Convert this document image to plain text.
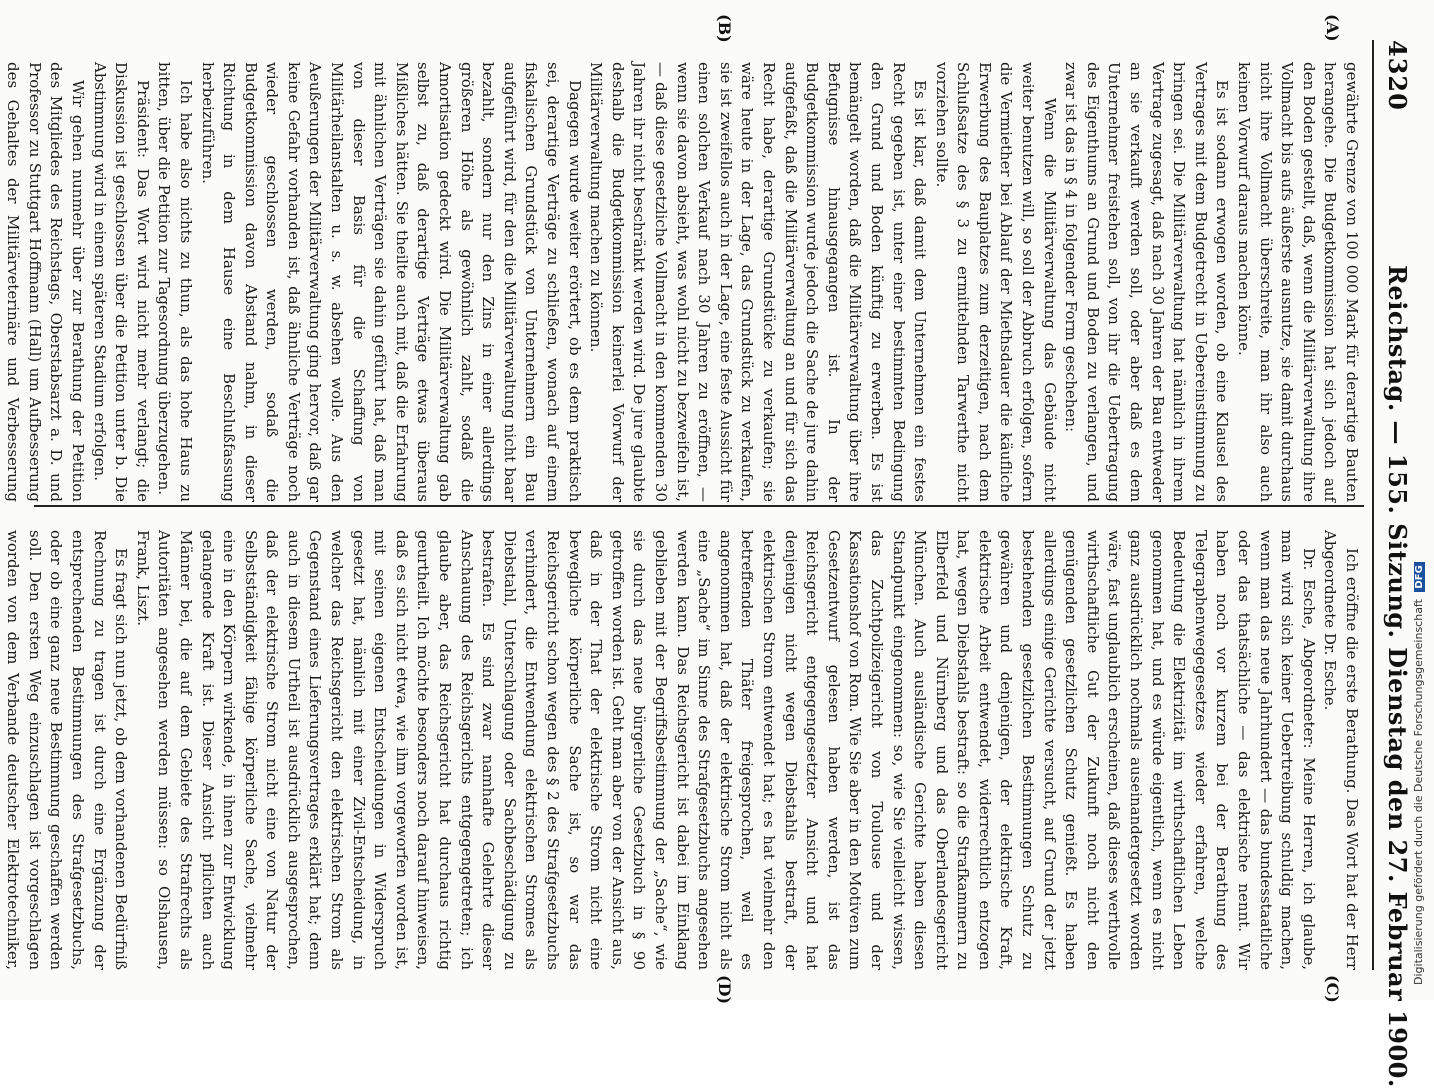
4320
Reichstag. — 155. Sitzung. Dienstag den 27. Februar 1900.
(A)
(B)
(C)
(D)

gewährte Grenze von 100 000 Mark für derartige Bauten herangehe. Die Budgetkommission hat sich jedoch auf den Boden gestellt, daß, wenn die Militärverwaltung ihre Vollmacht bis aufs äußerste ausnutze, sie damit durchaus nicht ihre Vollmacht überschreite, man ihr also auch keinen Vorwurf daraus machen könne.

Es ist sodann erwogen worden, ob eine Klausel des Vertrages mit dem Budgetrecht in Uebereinstimmung zu bringen sei. Die Militärverwaltung hat nämlich in ihrem Vertrage zugesagt, daß nach 30 Jahren der Bau entweder an sie verkauft werden soll, oder aber daß es dem Unternehmer freistehen soll, von ihr die Uebertragung des Eigenthums an Grund und Boden zu verlangen, und zwar ist das in § 4 in folgender Form geschehen:

Wenn die Militärverwaltung das Gebäude nicht weiter benutzen will, so soll der Abbruch erfolgen, sofern die Vermiether bei Ablauf der Miethsdauer die käufliche Erwerbung des Bauplatzes zum derzeitigen, nach dem Schlußsatze des § 3 zu ermittelnden Tarwerthe nicht vorziehen sollte.

Es ist klar, daß damit dem Unternehmen ein festes Recht gegeben ist, unter einer bestimmten Bedingung den Grund und Boden künftig zu erwerben. Es ist bemängelt worden, daß die Militärverwaltung über ihre Befugnisse hinausgegangen ist. In der Budgetkommission wurde jedoch die Sache de jure dahin aufgefaßt, daß die Militärverwaltung an und für sich das Recht habe, derartige Grundstücke zu verkaufen; sie wäre heute in der Lage, das Grundstück zu verkaufen, sie ist zweifellos auch in der Lage, eine feste Aussicht für einen solchen Verkauf nach 30 Jahren zu eröffnen, — wenn sie davon absieht, was wohl nicht zu bezweifeln ist, — daß diese gesetzliche Vollmacht in den kommenden 30 Jahren ihr nicht beschränkt werden wird. De jure glaubte deshalb die Budgetkommission keinerlei Vorwurf der Militärverwaltung machen zu können.

Dagegen wurde weiter erörtert, ob es denn praktisch sei, derartige Verträge zu schließen, wonach auf einem fiskalischen Grundstück von Unternehmern ein Bau aufgeführt wird, für den die Militärverwaltung nicht baar bezahlt, sondern nur den Zins in einer allerdings größeren Höhe als gewöhnlich zahlt, sodaß die Amortisation gedeckt wird. Die Militärverwaltung gab selbst zu, daß derartige Verträge etwas überaus Mißliches hätten. Sie theilte auch mit, daß die Erfahrung mit ähnlichen Verträgen sie dahin geführt hat, daß man von dieser Basis für die Schaffung von Militärheilanstalten u. s. w. absehen wolle. Aus den Aeußerungen der Militärverwaltung ging hervor, daß gar keine Gefahr vorhanden ist, daß ähnliche Verträge noch wieder geschlossen werden, sodaß die Budgetkommission davon Abstand nahm, in dieser Richtung in dem Hause eine Beschlußfassung herbeizuführen.

Ich habe also nichts zu thun, als das hohe Haus zu bitten, über die Petition zur Tagesordnung überzugehen.

Präsident: Das Wort wird nicht mehr verlangt; die Diskussion ist geschlossen über die Petition unter b. Die Abstimmung wird in einem späteren Stadium erfolgen.

Wir gehen nunmehr über zur Berathung der Petition des Mitgliedes des Reichstags, Oberstabsarzt a. D. und Professor zu Stuttgart Hoffmann (Hall) um Aufbesserung des Gehaltes der Militärveterinäre und Verbesserung

Ich eröffne die erste Berathung. Das Wort hat der Herr Abgeordnete Dr. Esche.

Dr. Esche, Abgeordneter: Meine Herren, ich glaube, man wird sich keiner Uebertreibung schuldig machen, wenn man das neue Jahrhundert — das bundesstaatliche oder das thatsächliche — das elektrische nennt. Wir haben noch vor kurzem bei der Berathung des Telegraphenwegegesetzes wieder erfahren, welche Bedeutung die Elektrizität im wirthschaftlichen Leben genommen hat, und es würde eigentlich, wenn es nicht ganz ausdrücklich nochmals auseinandergesetzt worden wäre, fast unglaublich erscheinen, daß dieses werthvolle wirthschaftliche Gut der Zukunft noch nicht den genügenden gesetzlichen Schutz genießt. Es haben allerdings einige Gerichte versucht, auf Grund der jetzt bestehenden gesetzlichen Bestimmungen Schutz zu gewähren und denjenigen, der elektrische Kraft, elektrische Arbeit entwendet, widerrechtlich entzogen hat, wegen Diebstahls bestraft: so die Strafkammern zu Elberfeld und Nürnberg und das Oberlandesgericht München. Auch ausländische Gerichte haben diesen Standpunkt eingenommen: so, wie Sie vielleicht wissen, das Zuchtpolizeigericht von Toulouse und der Kassationshof von Rom. Wie Sie aber in den Motiven zum Gesetzentwurf gelesen haben werden, ist das Reichsgericht entgegengesetzter Ansicht und hat denjenigen nicht wegen Diebstahls bestraft, der elektrischen Strom entwendet hat; es hat vielmehr den betreffenden Thäter freigesprochen, weil es angenommen hat, daß der elektrische Strom nicht als eine „Sache“ im Sinne des Strafgesetzbuchs angesehen werden kann. Das Reichsgericht ist dabei im Einklang geblieben mit der Begriffsbestimmung der „Sache“, wie sie durch das neue bürgerliche Gesetzbuch in § 90 getroffen worden ist. Geht man aber von der Ansicht aus, daß in der That der elektrische Strom nicht eine bewegliche körperliche Sache ist, so war das Reichsgericht schon wegen des § 2 des Strafgesetzbuchs verhindert, die Entwendung elektrischen Stromes als Diebstahl, Unterschlagung oder Sachbeschädigung zu bestrafen. Es sind zwar namhafte Gelehrte dieser Anschauung des Reichsgerichts entgegengetreten; ich glaube aber, das Reichsgericht hat durchaus richtig geurtheilt. Ich möchte besonders noch darauf hinweisen, daß es sich nicht etwa, wie ihm vorgeworfen worden ist, mit seinen eigenen Entscheidungen in Widerspruch gesetzt hat, nämlich mit einer Zivil-Entscheidung, in welcher das Reichsgericht den elektrischen Strom als Gegenstand eines Lieferungsvertrages erklärt hat; denn auch in diesem Urtheil ist ausdrücklich ausgesprochen, daß der elektrische Strom nicht eine von Natur der Selbstständigkeit fähige körperliche Sache, vielmehr eine in den Körpern wirkende, in ihnen zur Entwicklung gelangende Kraft ist. Dieser Ansicht pflichten auch Männer bei, die auf dem Gebiete des Strafrechts als Autoritäten angesehen werden müssen: so Olshausen, Frank, Liszt.

Es fragt sich nun jetzt, ob dem vorhandenen Bedürfniß Rechnung zu tragen ist durch eine Ergänzung der entsprechenden Bestimmungen des Strafgesetzbuchs, oder ob eine ganz neue Bestimmung geschaffen werden soll. Den ersten Weg einzuschlagen ist vorgeschlagen worden von dem Verbande deutscher Elektrotechniker,	Digitalisierung gefördert durch die Deutsche Forschungsgemeinschaft DFG
